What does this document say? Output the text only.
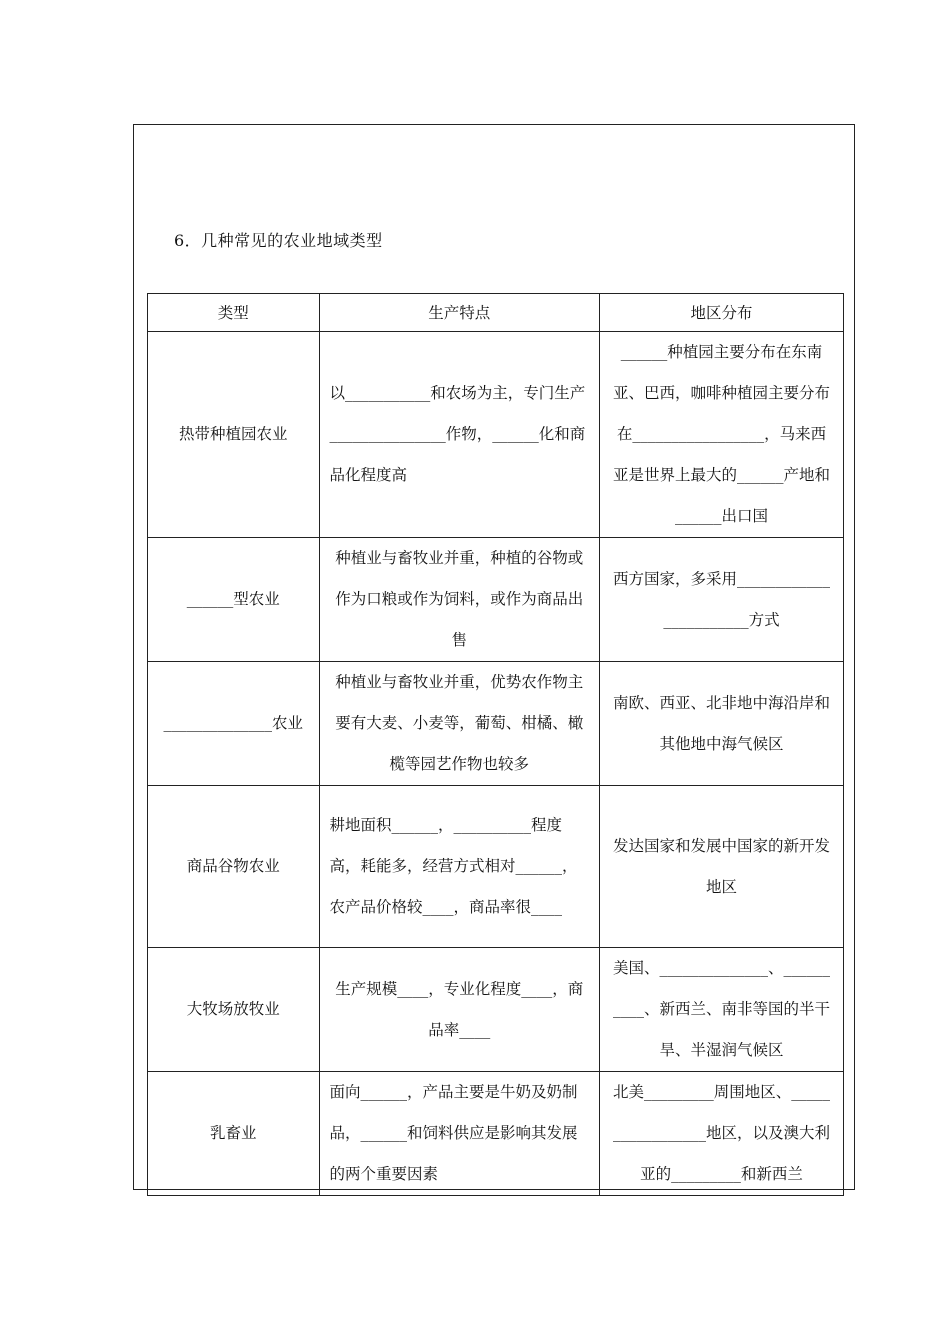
6．几种常见的农业地域类型
类型	生产特点	地区分布
热带种植园农业	以___________和农场为主，专门生产_______________作物，______化和商品化程度高	______种植园主要分布在东南亚、巴西，咖啡种植园主要分布在_________________，马来西亚是世界上最大的______产地和______出口国
______型农业	种植业与畜牧业并重，种植的谷物或作为口粮或作为饲料，或作为商品出售	西方国家，多采用_______________________方式
______________农业	种植业与畜牧业并重，优势农作物主要有大麦、小麦等，葡萄、柑橘、橄榄等园艺作物也较多	南欧、西亚、北非地中海沿岸和其他地中海气候区
商品谷物农业	耕地面积______，__________程度高，耗能多，经营方式相对______，农产品价格较____，商品率很____	发达国家和发展中国家的新开发地区
大牧场放牧业	生产规模____，专业化程度____，商品率____	美国、______________、__________、新西兰、南非等国的半干旱、半湿润气候区
乳畜业	面向______，产品主要是牛奶及奶制品，______和饲料供应是影响其发展的两个重要因素	北美_________周围地区、_________________地区，以及澳大利亚的_________和新西兰
